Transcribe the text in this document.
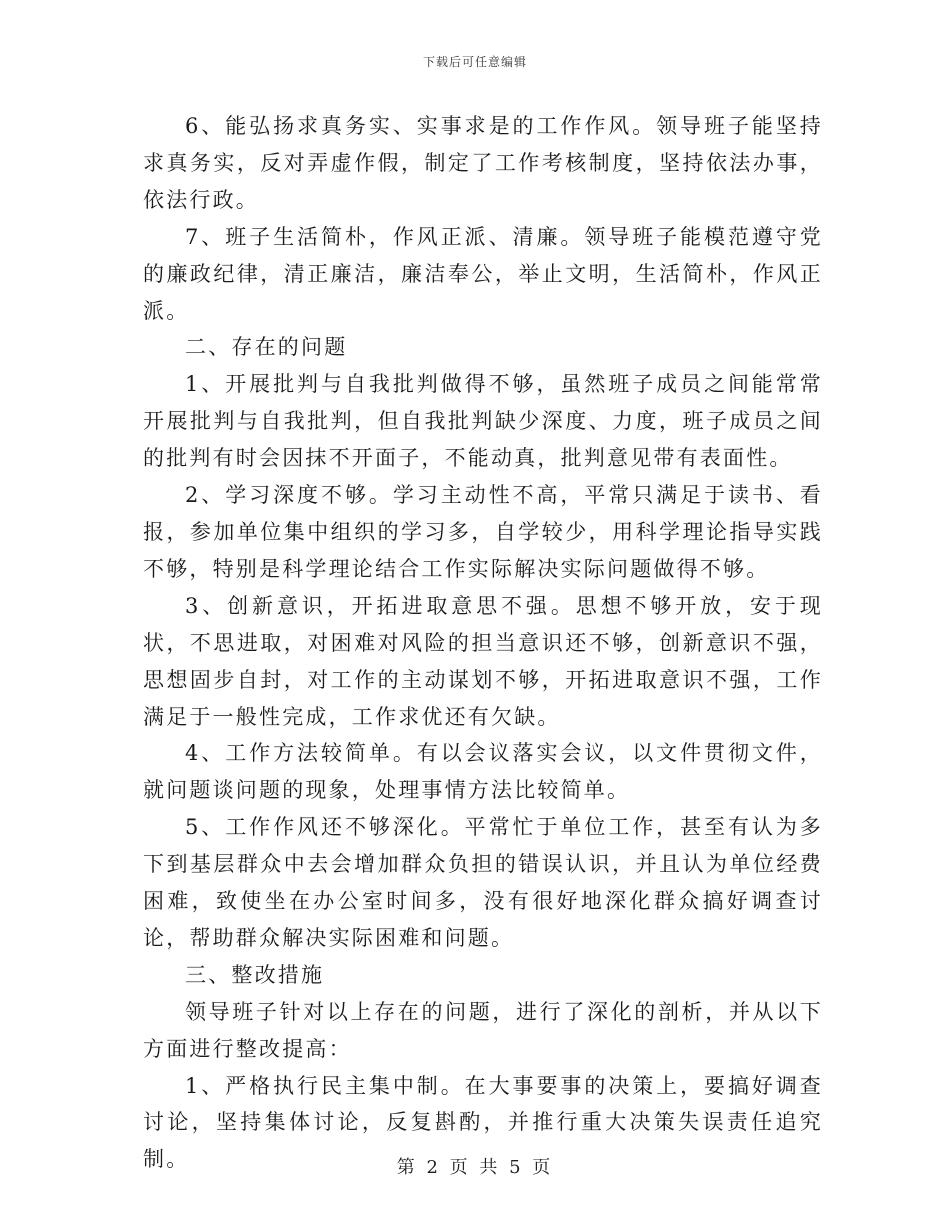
下载后可任意编辑

6、能弘扬求真务实、实事求是的工作作风。领导班子能坚持求真务实，反对弄虚作假，制定了工作考核制度，坚持依法办事，依法行政。

7、班子生活简朴，作风正派、清廉。领导班子能模范遵守党的廉政纪律，清正廉洁，廉洁奉公，举止文明，生活简朴，作风正派。

二、存在的问题

1、开展批判与自我批判做得不够，虽然班子成员之间能常常开展批判与自我批判，但自我批判缺少深度、力度，班子成员之间的批判有时会因抹不开面子，不能动真，批判意见带有表面性。

2、学习深度不够。学习主动性不高，平常只满足于读书、看报，参加单位集中组织的学习多，自学较少，用科学理论指导实践不够，特别是科学理论结合工作实际解决实际问题做得不够。

3、创新意识，开拓进取意思不强。思想不够开放，安于现状，不思进取，对困难对风险的担当意识还不够，创新意识不强，思想固步自封，对工作的主动谋划不够，开拓进取意识不强，工作满足于一般性完成，工作求优还有欠缺。

4、工作方法较简单。有以会议落实会议，以文件贯彻文件，就问题谈问题的现象，处理事情方法比较简单。

5、工作作风还不够深化。平常忙于单位工作，甚至有认为多下到基层群众中去会增加群众负担的错误认识，并且认为单位经费困难，致使坐在办公室时间多，没有很好地深化群众搞好调查讨论，帮助群众解决实际困难和问题。

三、整改措施

领导班子针对以上存在的问题，进行了深化的剖析，并从以下方面进行整改提高：

1、严格执行民主集中制。在大事要事的决策上，要搞好调查讨论，坚持集体讨论，反复斟酌，并推行重大决策失误责任追究制。	第 2 页 共 5 页
